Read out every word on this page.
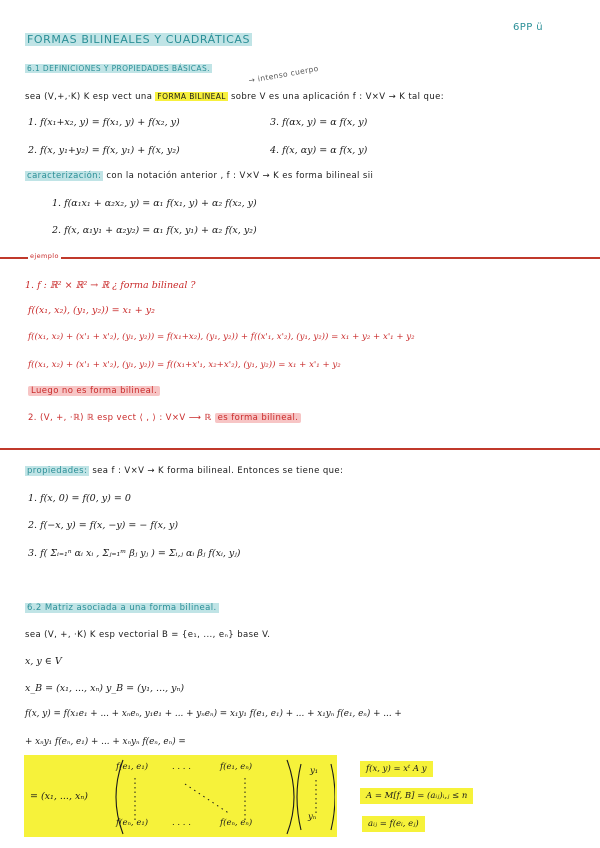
6PP ü
FORMAS BILINEALES Y CUADRÁTICAS
6.1 DEFINICIONES Y PROPIEDADES BÁSICAS.	→ intenso cuerpo
sea (V,+,·K) K esp vect una FORMA BILINEAL sobre V es una aplicación f : V×V → K tal que:
1. f(x₁+x₂, y) = f(x₁, y) + f(x₂, y)	3. f(αx, y) = α f(x, y)
2. f(x, y₁+y₂) = f(x, y₁) + f(x, y₂)	4. f(x, αy) = α f(x, y)
caracterización: con la notación anterior , f : V×V → K es forma bilineal sii
1. f(α₁x₁ + α₂x₂, y) = α₁ f(x₁, y) + α₂ f(x₂, y)
2. f(x, α₁y₁ + α₂y₂) = α₁ f(x, y₁) + α₂ f(x, y₂)
ejemplo
1. f : ℝ² × ℝ² → ℝ ¿ forma bilineal ?
f((x₁, x₂), (y₁, y₂)) = x₁ + y₂
f((x₁, x₂) + (x'₁ + x'₂), (y₁, y₂)) = f(x₁+x₂), (y₁, y₂)) + f((x'₁, x'₂), (y₁, y₂)) = x₁ + y₂ + x'₁ + y₂
f((x₁, x₂) + (x'₁ + x'₂), (y₁, y₂)) = f((x₁+x'₁, x₂+x'₂), (y₁, y₂)) = x₁ + x'₁ + y₂
Luego no es forma bilineal.
2. (V, +, ·ℝ) ℝ esp vect ⟨ , ⟩ : V×V ⟶ ℝ es forma bilineal.
propiedades: sea f : V×V → K forma bilineal. Entonces se tiene que:
1. f(x, 0) = f(0, y) = 0
2. f(−x, y) = f(x, −y) = − f(x, y)
3. f( Σᵢ₌₁ⁿ αᵢ xᵢ , Σⱼ₌₁ᵐ βⱼ yⱼ ) = Σᵢ,ⱼ αᵢ βⱼ f(xᵢ, yⱼ)
6.2 Matriz asociada a una forma bilineal.
sea (V, +, ·K) K esp vectorial B = {e₁, ..., eₙ} base V.
x, y ∈ V
x_B = (x₁, ..., xₙ) y_B = (y₁, ..., yₙ)
f(x, y) = f(x₁e₁ + ... + xₙeₙ, y₁e₁ + ... + yₙeₙ) = x₁y₁ f(e₁, e₁) + ... + x₁yₙ f(e₁, eₙ) + ... +
+ xₙy₁ f(eₙ, e₁) + ... + xₙyₙ f(eₙ, eₙ) =
= (x₁, ..., xₙ)
f(e₁, e₁)	. . . .	f(e₁, eₙ)
f(eₙ, e₁)	. . . .	f(eₙ, eₙ)
y₁
yₙ
f(x, y) = xᵗ A y
A = M[f, B] = (aᵢⱼ)ᵢ,ⱼ ≤ n
aᵢⱼ = f(eᵢ, eⱼ)
